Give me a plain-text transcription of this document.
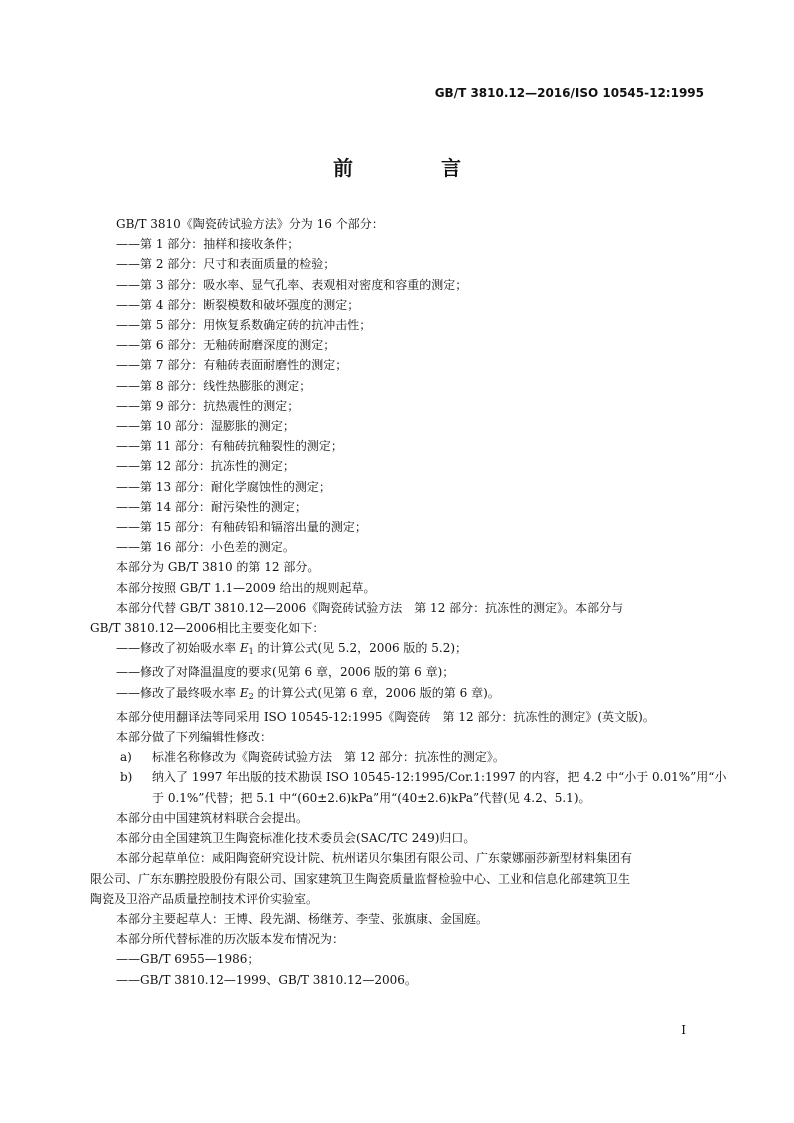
GB/T 3810.12—2016/ISO 10545-12:1995
前　言

GB/T 3810《陶瓷砖试验方法》分为 16 个部分：

——第 1 部分：抽样和接收条件；

——第 2 部分：尺寸和表面质量的检验；

——第 3 部分：吸水率、显气孔率、表观相对密度和容重的测定；

——第 4 部分：断裂模数和破坏强度的测定；

——第 5 部分：用恢复系数确定砖的抗冲击性；

——第 6 部分：无釉砖耐磨深度的测定；

——第 7 部分：有釉砖表面耐磨性的测定；

——第 8 部分：线性热膨胀的测定；

——第 9 部分：抗热震性的测定；

——第 10 部分：湿膨胀的测定；

——第 11 部分：有釉砖抗釉裂性的测定；

——第 12 部分：抗冻性的测定；

——第 13 部分：耐化学腐蚀性的测定；

——第 14 部分：耐污染性的测定；

——第 15 部分：有釉砖铅和镉溶出量的测定；

——第 16 部分：小色差的测定。

本部分为 GB/T 3810 的第 12 部分。

本部分按照 GB/T 1.1—2009 给出的规则起草。

本部分代替 GB/T 3810.12—2006《陶瓷砖试验方法　第 12 部分：抗冻性的测定》。本部分与

GB/T 3810.12—2006相比主要变化如下：

——修改了初始吸水率 $E_1$ 的计算公式(见 5.2，2006 版的 5.2)；

——修改了对降温温度的要求(见第 6 章，2006 版的第 6 章)；

——修改了最终吸水率 $E_2$ 的计算公式(见第 6 章，2006 版的第 6 章)。

本部分使用翻译法等同采用 ISO 10545-12:1995《陶瓷砖　第 12 部分：抗冻性的测定》(英文版)。

本部分做了下列编辑性修改：

a) 标准名称修改为《陶瓷砖试验方法　第 12 部分：抗冻性的测定》。

b) 纳入了 1997 年出版的技术勘误 ISO 10545-12:1995/Cor.1:1997 的内容，把 4.2 中“小于 0.01%”用“小

于 0.1%”代替；把 5.1 中“(60±2.6)kPa”用“(40±2.6)kPa”代替(见 4.2、5.1)。

本部分由中国建筑材料联合会提出。

本部分由全国建筑卫生陶瓷标准化技术委员会(SAC/TC 249)归口。

本部分起草单位：咸阳陶瓷研究设计院、杭州诺贝尔集团有限公司、广东蒙娜丽莎新型材料集团有

限公司、广东东鹏控股股份有限公司、国家建筑卫生陶瓷质量监督检验中心、工业和信息化部建筑卫生

陶瓷及卫浴产品质量控制技术评价实验室。

本部分主要起草人：王博、段先湖、杨继芳、李莹、张旗康、金国庭。

本部分所代替标准的历次版本发布情况为：

——GB/T 6955—1986；

——GB/T 3810.12—1999、GB/T 3810.12—2006。

Ⅰ
